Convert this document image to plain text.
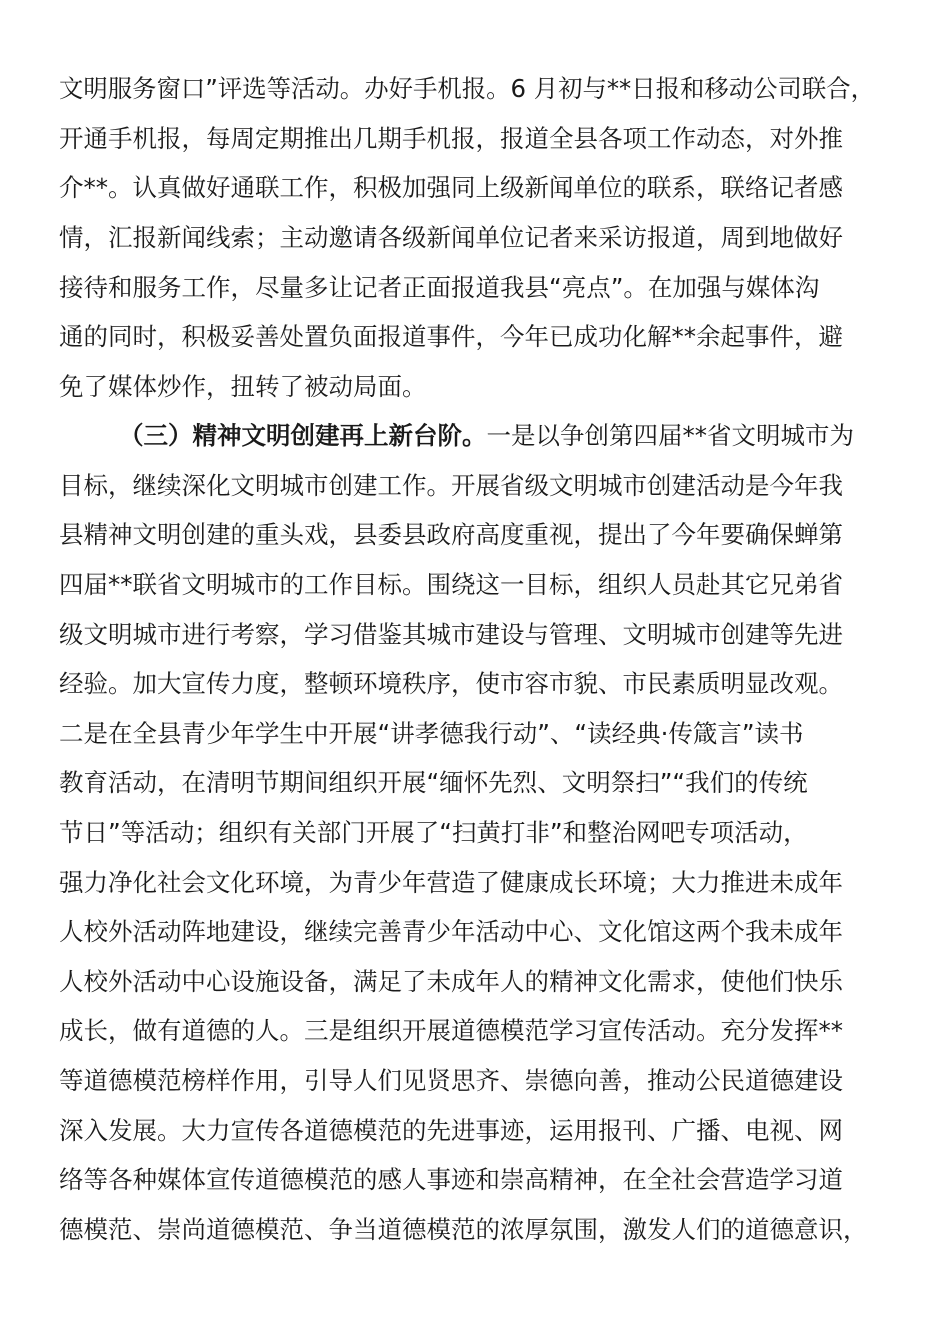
文明服务窗口”评选等活动。办好手机报。6 月初与**日报和移动公司联合，
开通手机报，每周定期推出几期手机报，报道全县各项工作动态，对外推
介**。认真做好通联工作，积极加强同上级新闻单位的联系，联络记者感
情，汇报新闻线索；主动邀请各级新闻单位记者来采访报道，周到地做好
接待和服务工作，尽量多让记者正面报道我县“亮点”。在加强与媒体沟
通的同时，积极妥善处置负面报道事件，今年已成功化解**余起事件，避
免了媒体炒作，扭转了被动局面。
（三）精神文明创建再上新台阶。一是以争创第四届**省文明城市为
目标，继续深化文明城市创建工作。开展省级文明城市创建活动是今年我
县精神文明创建的重头戏，县委县政府高度重视，提出了今年要确保蝉第
四届**联省文明城市的工作目标。围绕这一目标，组织人员赴其它兄弟省
级文明城市进行考察，学习借鉴其城市建设与管理、文明城市创建等先进
经验。加大宣传力度，整顿环境秩序，使市容市貌、市民素质明显改观。
二是在全县青少年学生中开展“讲孝德我行动”、“读经典·传箴言”读书
教育活动，在清明节期间组织开展“缅怀先烈、文明祭扫”“我们的传统
节日”等活动；组织有关部门开展了“扫黄打非”和整治网吧专项活动，
强力净化社会文化环境，为青少年营造了健康成长环境；大力推进未成年
人校外活动阵地建设，继续完善青少年活动中心、文化馆这两个我未成年
人校外活动中心设施设备，满足了未成年人的精神文化需求，使他们快乐
成长，做有道德的人。三是组织开展道德模范学习宣传活动。充分发挥**
等道德模范榜样作用，引导人们见贤思齐、崇德向善，推动公民道德建设
深入发展。大力宣传各道德模范的先进事迹，运用报刊、广播、电视、网
络等各种媒体宣传道德模范的感人事迹和崇高精神，在全社会营造学习道
德模范、崇尚道德模范、争当道德模范的浓厚氛围，激发人们的道德意识，
